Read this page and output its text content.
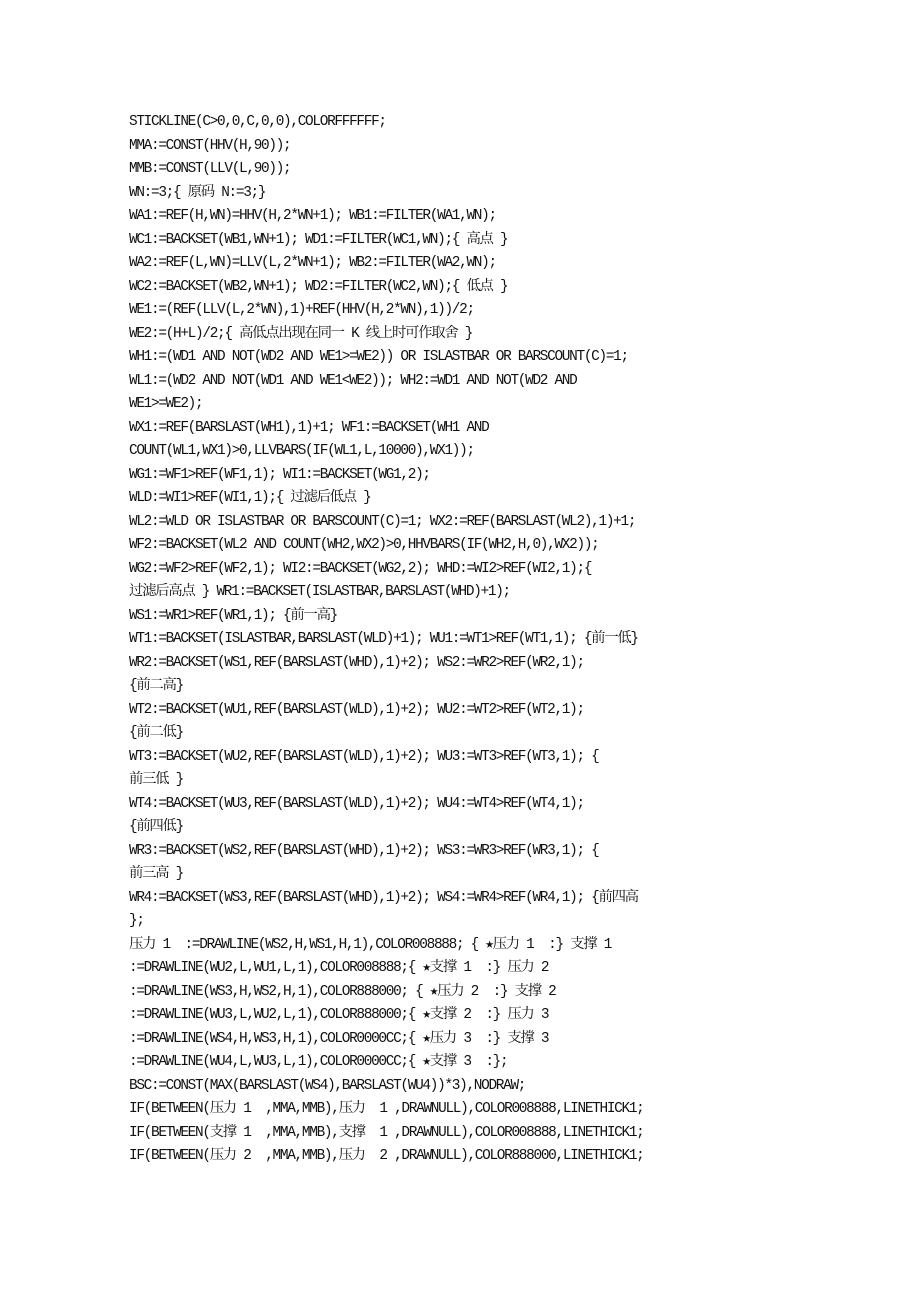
STICKLINE(C>0,0,C,0,0),COLORFFFFFF;
MMA:=CONST(HHV(H,90));
MMB:=CONST(LLV(L,90));
WN:=3;{ 原码 N:=3;}
WA1:=REF(H,WN)=HHV(H,2*WN+1); WB1:=FILTER(WA1,WN);
WC1:=BACKSET(WB1,WN+1); WD1:=FILTER(WC1,WN);{ 高点 }
WA2:=REF(L,WN)=LLV(L,2*WN+1); WB2:=FILTER(WA2,WN);
WC2:=BACKSET(WB2,WN+1); WD2:=FILTER(WC2,WN);{ 低点 }
WE1:=(REF(LLV(L,2*WN),1)+REF(HHV(H,2*WN),1))/2;
WE2:=(H+L)/2;{ 高低点出现在同一 K 线上时可作取舍 }
WH1:=(WD1 AND NOT(WD2 AND WE1>=WE2)) OR ISLASTBAR OR BARSCOUNT(C)=1;
WL1:=(WD2 AND NOT(WD1 AND WE1<WE2)); WH2:=WD1 AND NOT(WD2 AND
WE1>=WE2);
WX1:=REF(BARSLAST(WH1),1)+1; WF1:=BACKSET(WH1 AND
COUNT(WL1,WX1)>0,LLVBARS(IF(WL1,L,10000),WX1));
WG1:=WF1>REF(WF1,1); WI1:=BACKSET(WG1,2);
WLD:=WI1>REF(WI1,1);{ 过滤后低点 }
WL2:=WLD OR ISLASTBAR OR BARSCOUNT(C)=1; WX2:=REF(BARSLAST(WL2),1)+1;
WF2:=BACKSET(WL2 AND COUNT(WH2,WX2)>0,HHVBARS(IF(WH2,H,0),WX2));
WG2:=WF2>REF(WF2,1); WI2:=BACKSET(WG2,2); WHD:=WI2>REF(WI2,1);{
过滤后高点 } WR1:=BACKSET(ISLASTBAR,BARSLAST(WHD)+1);
WS1:=WR1>REF(WR1,1); {前一高}
WT1:=BACKSET(ISLASTBAR,BARSLAST(WLD)+1); WU1:=WT1>REF(WT1,1); {前一低}
WR2:=BACKSET(WS1,REF(BARSLAST(WHD),1)+2); WS2:=WR2>REF(WR2,1);
{前二高}
WT2:=BACKSET(WU1,REF(BARSLAST(WLD),1)+2); WU2:=WT2>REF(WT2,1);
{前二低}
WT3:=BACKSET(WU2,REF(BARSLAST(WLD),1)+2); WU3:=WT3>REF(WT3,1); {
前三低 }
WT4:=BACKSET(WU3,REF(BARSLAST(WLD),1)+2); WU4:=WT4>REF(WT4,1);
{前四低}
WR3:=BACKSET(WS2,REF(BARSLAST(WHD),1)+2); WS3:=WR3>REF(WR3,1); {
前三高 }
WR4:=BACKSET(WS3,REF(BARSLAST(WHD),1)+2); WS4:=WR4>REF(WR4,1); {前四高
};
压力 1  :=DRAWLINE(WS2,H,WS1,H,1),COLOR008888; { ★压力 1  :} 支撑 1
:=DRAWLINE(WU2,L,WU1,L,1),COLOR008888;{ ★支撑 1  :} 压力 2
:=DRAWLINE(WS3,H,WS2,H,1),COLOR888000; { ★压力 2  :} 支撑 2
:=DRAWLINE(WU3,L,WU2,L,1),COLOR888000;{ ★支撑 2  :} 压力 3
:=DRAWLINE(WS4,H,WS3,H,1),COLOR0000CC;{ ★压力 3  :} 支撑 3
:=DRAWLINE(WU4,L,WU3,L,1),COLOR0000CC;{ ★支撑 3  :};
BSC:=CONST(MAX(BARSLAST(WS4),BARSLAST(WU4))*3),NODRAW;
IF(BETWEEN(压力 1  ,MMA,MMB),压力  1 ,DRAWNULL),COLOR008888,LINETHICK1;
IF(BETWEEN(支撑 1  ,MMA,MMB),支撑  1 ,DRAWNULL),COLOR008888,LINETHICK1;
IF(BETWEEN(压力 2  ,MMA,MMB),压力  2 ,DRAWNULL),COLOR888000,LINETHICK1;
